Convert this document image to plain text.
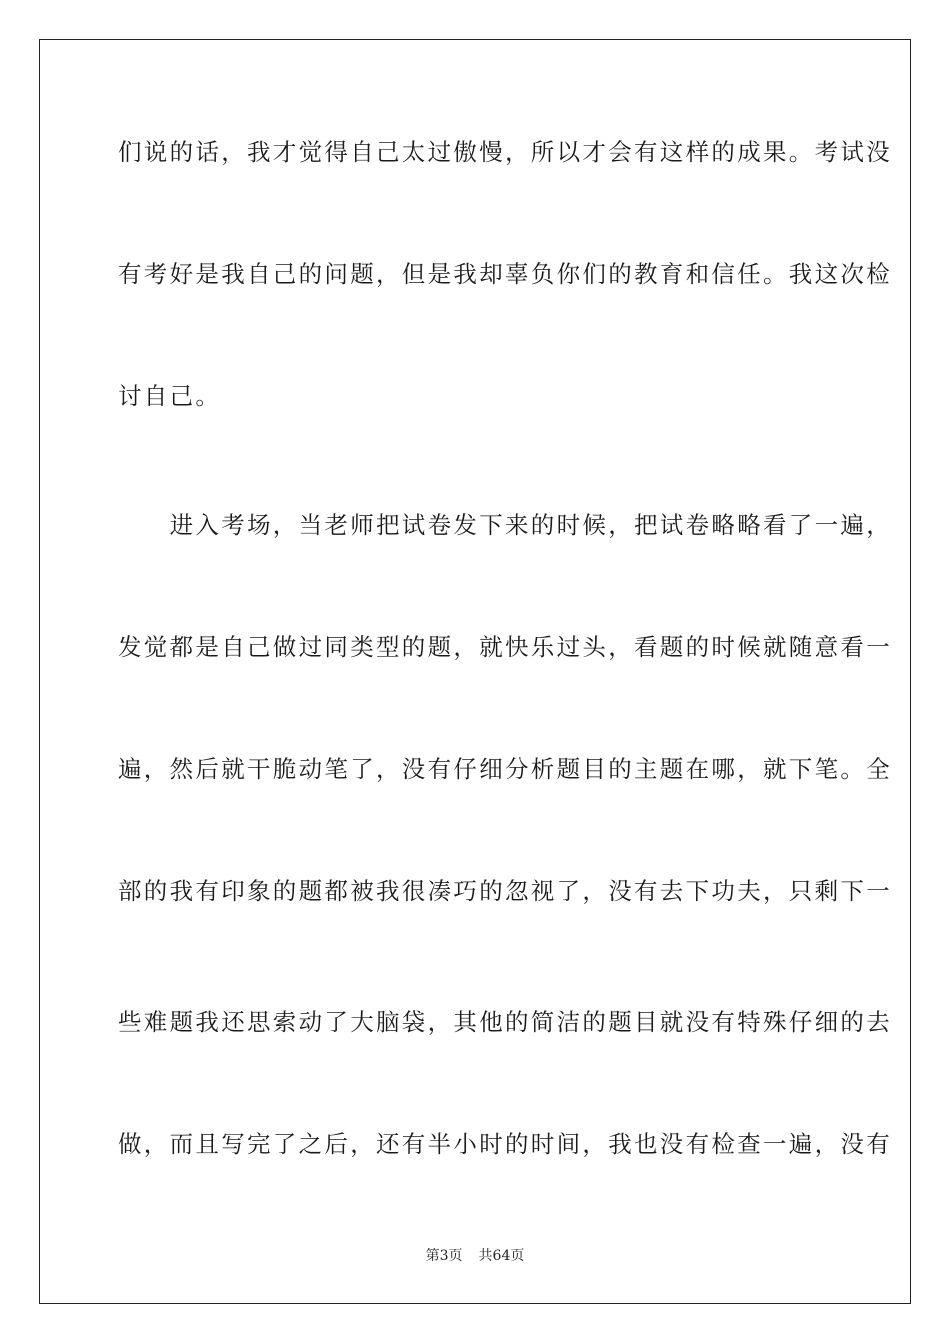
们说的话，我才觉得自己太过傲慢，所以才会有这样的成果。考试没
有考好是我自己的问题，但是我却辜负你们的教育和信任。我这次检
讨自己。
　　进入考场，当老师把试卷发下来的时候，把试卷略略看了一遍，
发觉都是自己做过同类型的题，就快乐过头，看题的时候就随意看一
遍，然后就干脆动笔了，没有仔细分析题目的主题在哪，就下笔。全
部的我有印象的题都被我很凑巧的忽视了，没有去下功夫，只剩下一
些难题我还思索动了大脑袋，其他的简洁的题目就没有特殊仔细的去
做，而且写完了之后，还有半小时的时间，我也没有检查一遍，没有
第3页 共64页
